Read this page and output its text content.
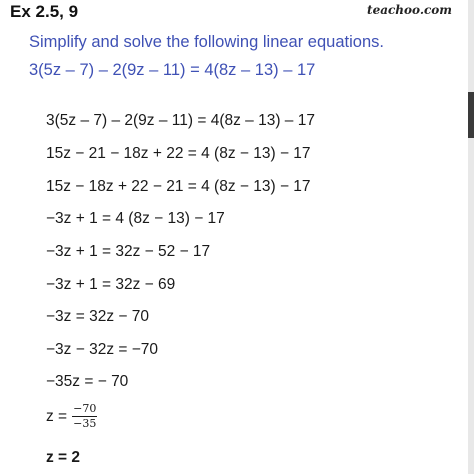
Ex 2.5, 9	teachoo.com
Simplify and solve the following linear equations.
3(5z – 7) – 2(9z – 11) = 4(8z – 13) – 17
3(5z – 7) – 2(9z – 11) = 4(8z – 13) – 17
15z − 21 − 18z + 22 = 4 (8z − 13) − 17
15z − 18z + 22 − 21 = 4 (8z − 13) − 17
−3z + 1 = 4 (8z − 13) − 17
−3z + 1 = 32z − 52 − 17
−3z + 1 = 32z − 69
−3z = 32z − 70
−3z − 32z = −70
−35z = − 70
$z = \frac{-70}{-35}$
z = 2
